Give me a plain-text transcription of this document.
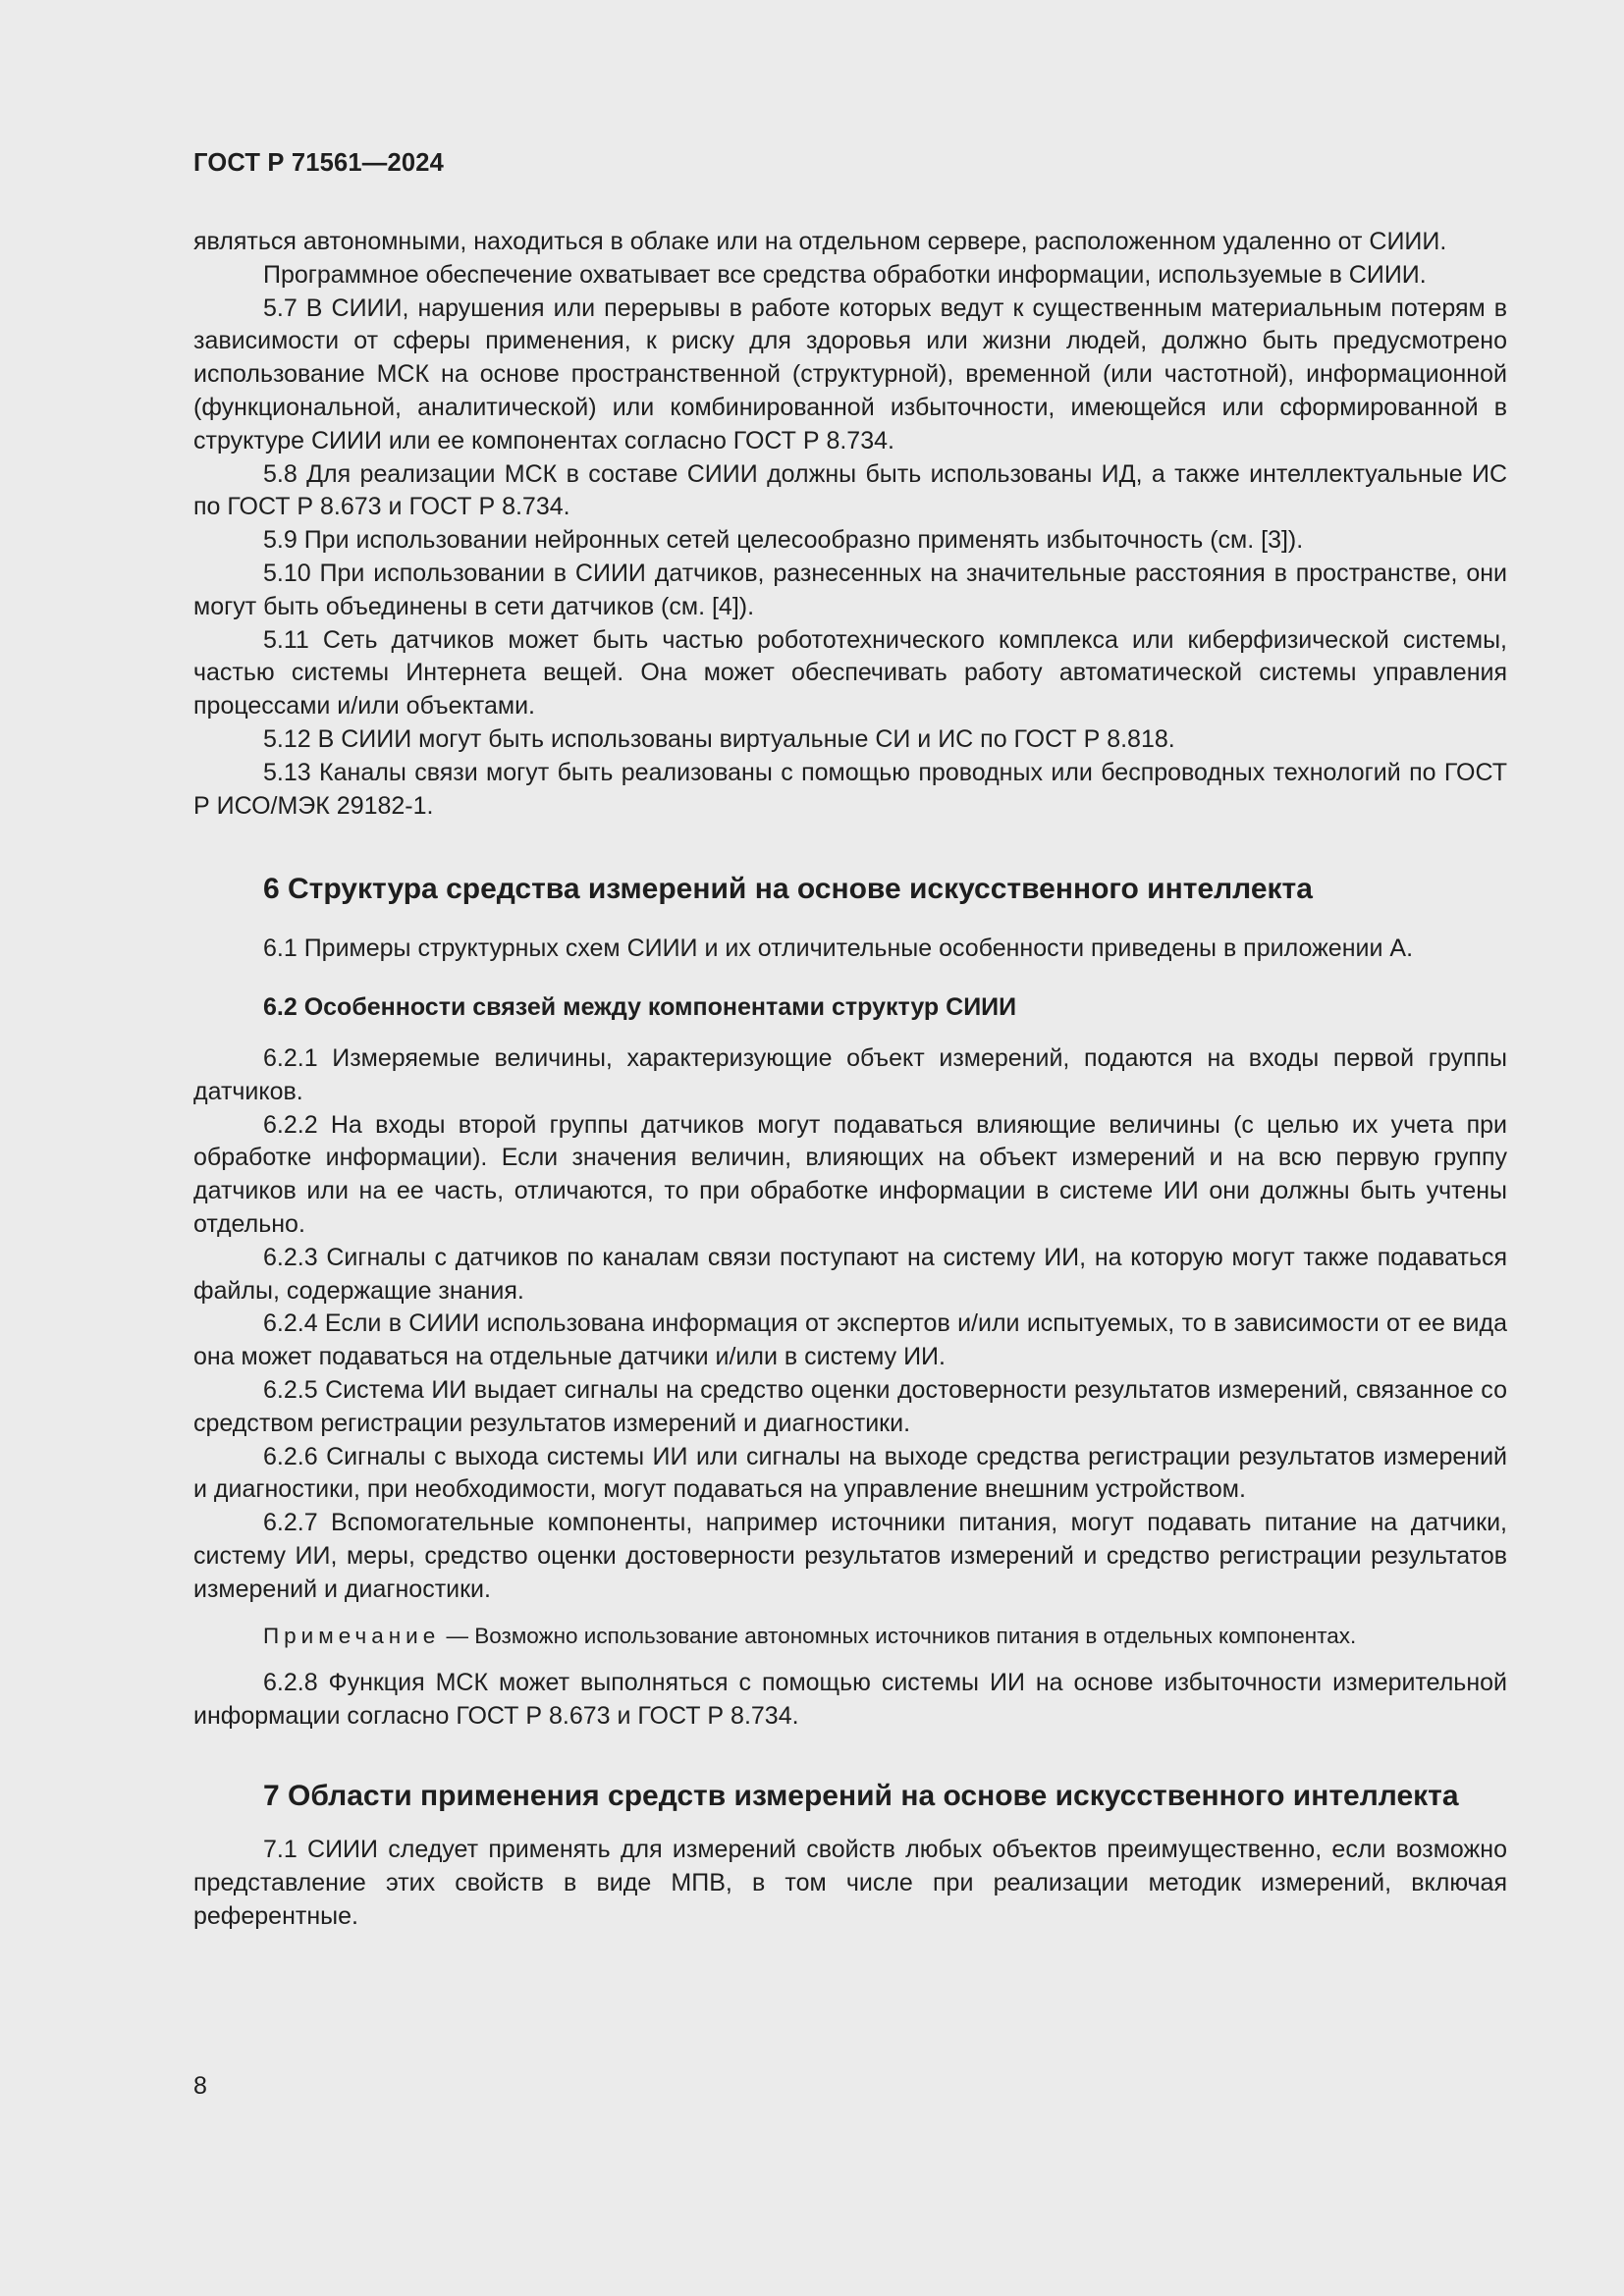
ГОСТ Р 71561—2024

являться автономными, находиться в облаке или на отдельном сервере, расположенном удаленно от СИИИ.

Программное обеспечение охватывает все средства обработки информации, используемые в СИИИ.

5.7 В СИИИ, нарушения или перерывы в работе которых ведут к существенным материальным потерям в зависимости от сферы применения, к риску для здоровья или жизни людей, должно быть предусмотрено использование МСК на основе пространственной (структурной), временной (или частотной), информационной (функциональной, аналитической) или комбинированной избыточности, имеющейся или сформированной в структуре СИИИ или ее компонентах согласно ГОСТ Р 8.734.

5.8 Для реализации МСК в составе СИИИ должны быть использованы ИД, а также интеллектуальные ИС по ГОСТ Р 8.673 и ГОСТ Р 8.734.

5.9 При использовании нейронных сетей целесообразно применять избыточность (см. [3]).

5.10 При использовании в СИИИ датчиков, разнесенных на значительные расстояния в пространстве, они могут быть объединены в сети датчиков (см. [4]).

5.11 Сеть датчиков может быть частью робототехнического комплекса или киберфизической системы, частью системы Интернета вещей. Она может обеспечивать работу автоматической системы управления процессами и/или объектами.

5.12 В СИИИ могут быть использованы виртуальные СИ и ИС по ГОСТ Р 8.818.

5.13 Каналы связи могут быть реализованы с помощью проводных или беспроводных технологий по ГОСТ Р ИСО/МЭК 29182-1.

6 Структура средства измерений на основе искусственного интеллекта

6.1 Примеры структурных схем СИИИ и их отличительные особенности приведены в приложении А.

6.2 Особенности связей между компонентами структур СИИИ

6.2.1 Измеряемые величины, характеризующие объект измерений, подаются на входы первой группы датчиков.

6.2.2 На входы второй группы датчиков могут подаваться влияющие величины (с целью их учета при обработке информации). Если значения величин, влияющих на объект измерений и на всю первую группу датчиков или на ее часть, отличаются, то при обработке информации в системе ИИ они должны быть учтены отдельно.

6.2.3 Сигналы с датчиков по каналам связи поступают на систему ИИ, на которую могут также подаваться файлы, содержащие знания.

6.2.4 Если в СИИИ использована информация от экспертов и/или испытуемых, то в зависимости от ее вида она может подаваться на отдельные датчики и/или в систему ИИ.

6.2.5 Система ИИ выдает сигналы на средство оценки достоверности результатов измерений, связанное со средством регистрации результатов измерений и диагностики.

6.2.6 Сигналы с выхода системы ИИ или сигналы на выходе средства регистрации результатов измерений и диагностики, при необходимости, могут подаваться на управление внешним устройством.

6.2.7 Вспомогательные компоненты, например источники питания, могут подавать питание на датчики, систему ИИ, меры, средство оценки достоверности результатов измерений и средство регистрации результатов измерений и диагностики.

Примечание — Возможно использование автономных источников питания в отдельных компонентах.

6.2.8 Функция МСК может выполняться с помощью системы ИИ на основе избыточности измерительной информации согласно ГОСТ Р 8.673 и ГОСТ Р 8.734.

7 Области применения средств измерений на основе искусственного интеллекта

7.1 СИИИ следует применять для измерений свойств любых объектов преимущественно, если возможно представление этих свойств в виде МПВ, в том числе при реализации методик измерений, включая референтные.

8
